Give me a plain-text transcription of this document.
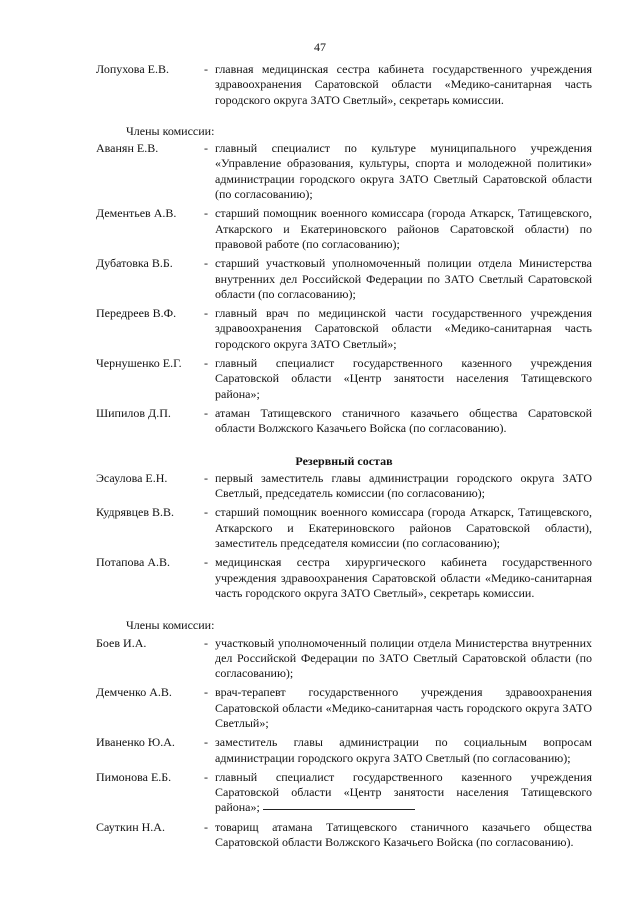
47
Лопухова Е.В.	- главная медицинская сестра кабинета государственного учреждения здравоохранения Саратовской области «Медико-санитарная часть городского округа ЗАТО Светлый», секретарь комиссии.
Члены комиссии:
Аванян Е.В.	- главный специалист по культуре муниципального учреждения «Управление образования, культуры, спорта и молодежной политики» администрации городского округа ЗАТО Светлый Саратовской области (по согласованию);
Дементьев А.В.	- старший помощник военного комиссара (города Аткарск, Татищевского, Аткарского и Екатериновского районов Саратовской области) по правовой работе (по согласованию);
Дубатовка В.Б.	- старший участковый уполномоченный полиции отдела Министерства внутренних дел Российской Федерации по ЗАТО Светлый Саратовской области (по согласованию);
Передреев В.Ф.	- главный врач по медицинской части государственного учреждения здравоохранения Саратовской области «Медико-санитарная часть городского округа ЗАТО Светлый»;
Чернушенко Е.Г.	- главный специалист государственного казенного учреждения Саратовской области «Центр занятости населения Татищевского района»;
Шипилов Д.П.	- атаман Татищевского станичного казачьего общества Саратовской области Волжского Казачьего Войска (по согласованию).
Резервный состав
Эсаулова Е.Н.	- первый заместитель главы администрации городского округа ЗАТО Светлый, председатель комиссии (по согласованию);
Кудрявцев В.В.	- старший помощник военного комиссара (города Аткарск, Татищевского, Аткарского и Екатериновского районов Саратовской области), заместитель председателя комиссии (по согласованию);
Потапова А.В.	- медицинская сестра хирургического кабинета государственного учреждения здравоохранения Саратовской области «Медико-санитарная часть городского округа ЗАТО Светлый», секретарь комиссии.
Члены комиссии:
Боев И.А.	- участковый уполномоченный полиции отдела Министерства внутренних дел Российской Федерации по ЗАТО Светлый Саратовской области (по согласованию);
Демченко А.В.	- врач-терапевт государственного учреждения здравоохранения Саратовской области «Медико-санитарная часть городского округа ЗАТО Светлый»;
Иваненко Ю.А.	- заместитель главы администрации по социальным вопросам администрации городского округа ЗАТО Светлый (по согласованию);
Пимонова Е.Б.	- главный специалист государственного казенного учреждения Саратовской области «Центр занятости населения Татищевского района»;
Сауткин Н.А.	- товарищ атамана Татищевского станичного казачьего общества Саратовской области Волжского Казачьего Войска (по согласованию).
